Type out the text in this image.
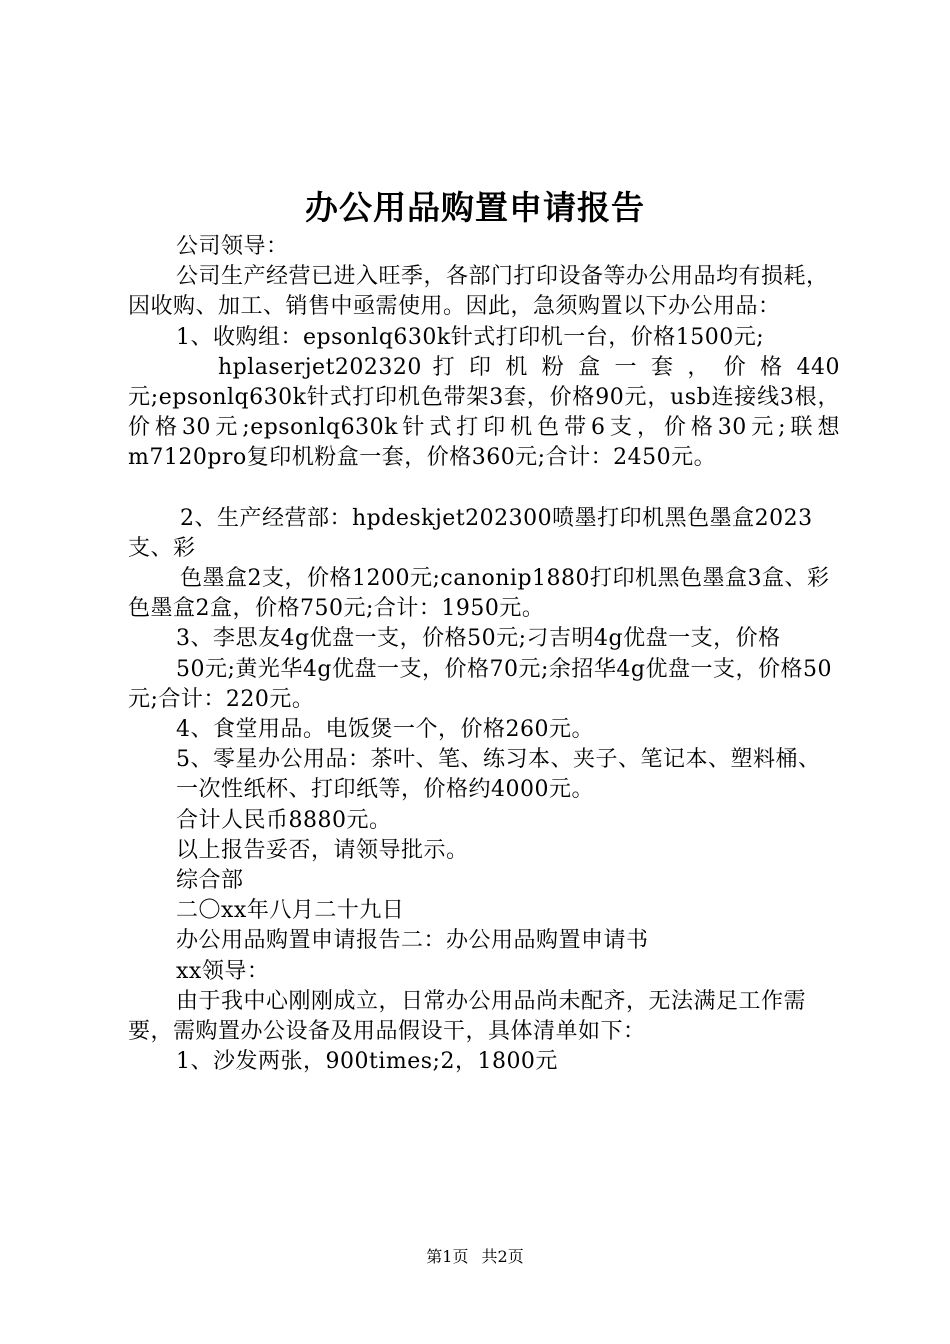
办公用品购置申请报告

公司领导：

公司生产经营已进入旺季，各部门打印设备等办公用品均有损耗，因收购、加工、销售中亟需使用。因此，急须购置以下办公用品：

1、收购组：epsonlq630k针式打印机一台，价格1500元;

hplaserjet202320 打 印 机 粉 盒 一 套 ， 价 格 440元;epsonlq630k针式打印机色带架3套，价格90元，usb连接线3根，价格30元;epsonlq630k针式打印机色带6支，价格30元;联想m7120pro复印机粉盒一套，价格360元;合计：2450元。

2、生产经营部：hpdeskjet202300喷墨打印机黑色墨盒2023支、彩

色墨盒2支，价格1200元;canonip1880打印机黑色墨盒3盒、彩色墨盒2盒，价格750元;合计：1950元。

3、李思友4g优盘一支，价格50元;刁吉明4g优盘一支，价格

50元;黄光华4g优盘一支，价格70元;余招华4g优盘一支，价格50元;合计：220元。

4、食堂用品。电饭煲一个，价格260元。

5、零星办公用品：茶叶、笔、练习本、夹子、笔记本、塑料桶、

一次性纸杯、打印纸等，价格约4000元。

合计人民币8880元。

以上报告妥否，请领导批示。

综合部

二〇xx年八月二十九日

办公用品购置申请报告二：办公用品购置申请书

xx领导：

由于我中心刚刚成立，日常办公用品尚未配齐，无法满足工作需要，需购置办公设备及用品假设干，具体清单如下：

1、沙发两张，900times;2，1800元

第1页 共2页
